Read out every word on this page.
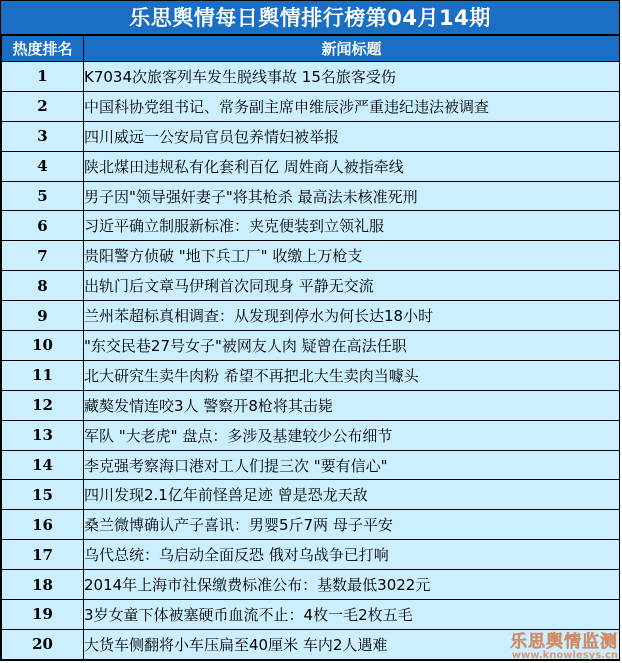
乐思舆情每日舆情排行榜第04月14期
热度排名	新闻标题
1	K7034次旅客列车发生脱线事故 15名旅客受伤
2	中国科协党组书记、常务副主席申维辰涉严重违纪违法被调查
3	四川威远一公安局官员包养情妇被举报
4	陕北煤田违规私有化套利百亿 周姓商人被指牵线
5	男子因"领导强奸妻子"将其枪杀 最高法未核准死刑
6	习近平确立制服新标准：夹克便装到立领礼服
7	贵阳警方侦破 "地下兵工厂" 收缴上万枪支
8	出轨门后文章马伊琍首次同现身 平静无交流
9	兰州苯超标真相调查：从发现到停水为何长达18小时
10	"东交民巷27号女子"被网友人肉 疑曾在高法任职
11	北大研究生卖牛肉粉 希望不再把北大生卖肉当噱头
12	藏獒发情连咬3人 警察开8枪将其击毙
13	军队 "大老虎" 盘点：多涉及基建较少公布细节
14	李克强考察海口港对工人们提三次 "要有信心"
15	四川发现2.1亿年前怪兽足迹 曾是恐龙天敌
16	桑兰微博确认产子喜讯：男婴5斤7两 母子平安
17	乌代总统：乌启动全面反恐 俄对乌战争已打响
18	2014年上海市社保缴费标准公布：基数最低3022元
19	3岁女童下体被塞硬币血流不止：4枚一毛2枚五毛
20	大货车侧翻将小车压扁至40厘米 车内2人遇难	乐思舆情监测
www.knowlesys.cn
